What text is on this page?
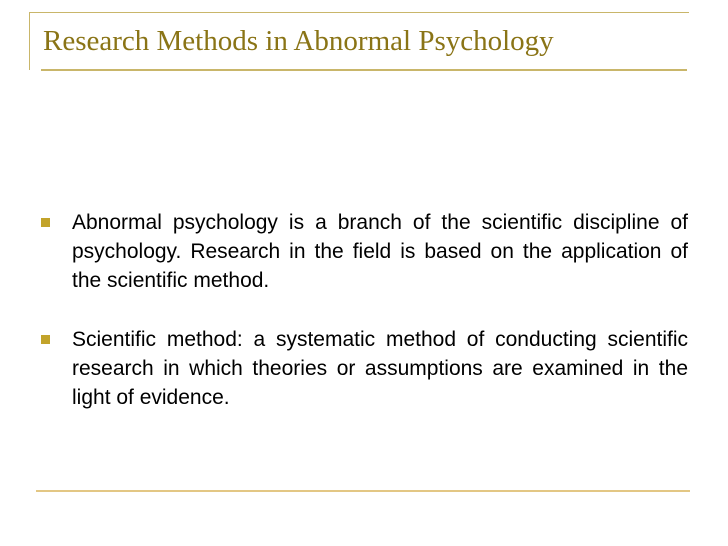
Research Methods in Abnormal Psychology
Abnormal psychology is a branch of the scientific discipline of psychology. Research in the field is based on the application of the scientific method.
Scientific method: a systematic method of conducting scientific research in which theories or assumptions are examined in the light of evidence.
